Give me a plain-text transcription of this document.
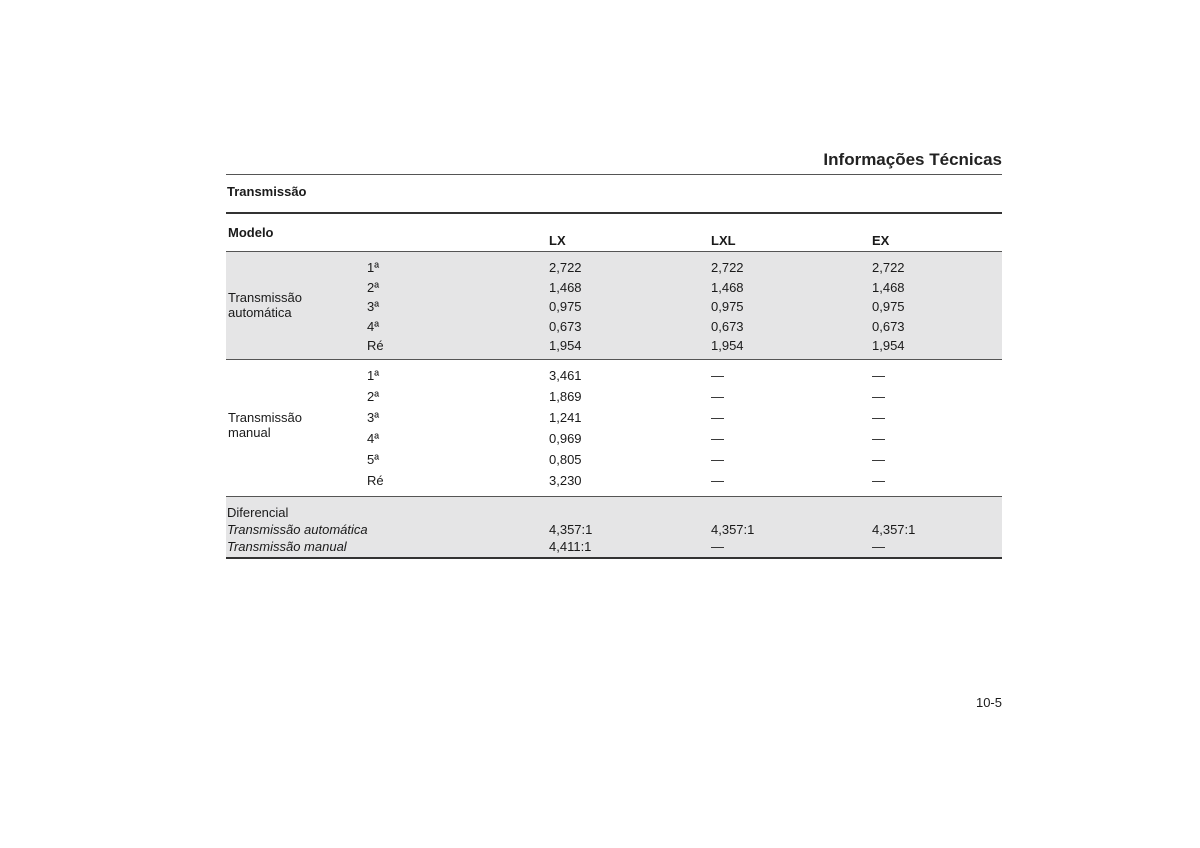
Informações Técnicas
Transmissão
Modelo
LX	LXL	EX
Transmissão
automática
1ª	2,722	2,722	2,722
2ª	1,468	1,468	1,468
3ª	0,975	0,975	0,975
4ª	0,673	0,673	0,673
Ré	1,954	1,954	1,954
Transmissão
manual
1ª	3,461	—	—
2ª	1,869	—	—
3ª	1,241	—	—
4ª	0,969	—	—
5ª	0,805	—	—
Ré	3,230	—	—
Diferencial
Transmissão automática	4,357:1	4,357:1	4,357:1
Transmissão manual	4,411:1	—	—
10-5
